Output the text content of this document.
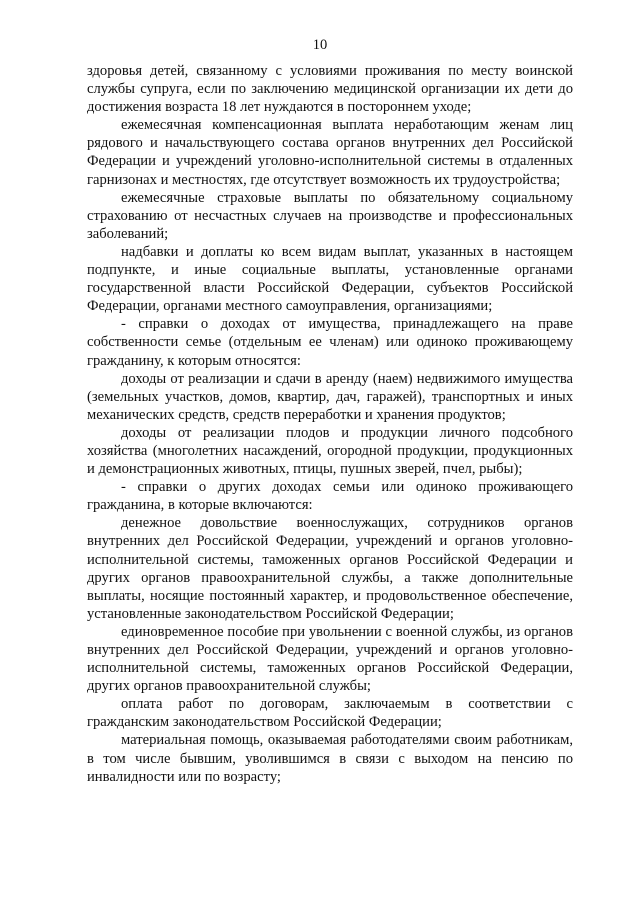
10

здоровья детей, связанному с условиями проживания по месту воинской службы супруга, если по заключению медицинской организации их дети до достижения возраста 18 лет нуждаются в постороннем уходе;

ежемесячная компенсационная выплата неработающим женам лиц рядового и начальствующего состава органов внутренних дел Российской Федерации и учреждений уголовно-исполнительной системы в отдаленных гарнизонах и местностях, где отсутствует возможность их трудоустройства;

ежемесячные страховые выплаты по обязательному социальному страхованию от несчастных случаев на производстве и профессиональных заболеваний;

надбавки и доплаты ко всем видам выплат, указанных в настоящем подпункте, и иные социальные выплаты, установленные органами государственной власти Российской Федерации, субъектов Российской Федерации, органами местного самоуправления, организациями;

- справки о доходах от имущества, принадлежащего на праве собственности семье (отдельным ее членам) или одиноко проживающему гражданину, к которым относятся:

доходы от реализации и сдачи в аренду (наем) недвижимого имущества (земельных участков, домов, квартир, дач, гаражей), транспортных и иных механических средств, средств переработки и хранения продуктов;

доходы от реализации плодов и продукции личного подсобного хозяйства (многолетних насаждений, огородной продукции, продукционных и демонстрационных животных, птицы, пушных зверей, пчел, рыбы);

- справки о других доходах семьи или одиноко проживающего гражданина, в которые включаются:

денежное довольствие военнослужащих, сотрудников органов внутренних дел Российской Федерации, учреждений и органов уголовно-исполнительной системы, таможенных органов Российской Федерации и других органов правоохранительной службы, а также дополнительные выплаты, носящие постоянный характер, и продовольственное обеспечение, установленные законодательством Российской Федерации;

единовременное пособие при увольнении с военной службы, из органов внутренних дел Российской Федерации, учреждений и органов уголовно-исполнительной системы, таможенных органов Российской Федерации, других органов правоохранительной службы;

оплата работ по договорам, заключаемым в соответствии с гражданским законодательством Российской Федерации;

материальная помощь, оказываемая работодателями своим работникам, в том числе бывшим, уволившимся в связи с выходом на пенсию по инвалидности или по возрасту;
